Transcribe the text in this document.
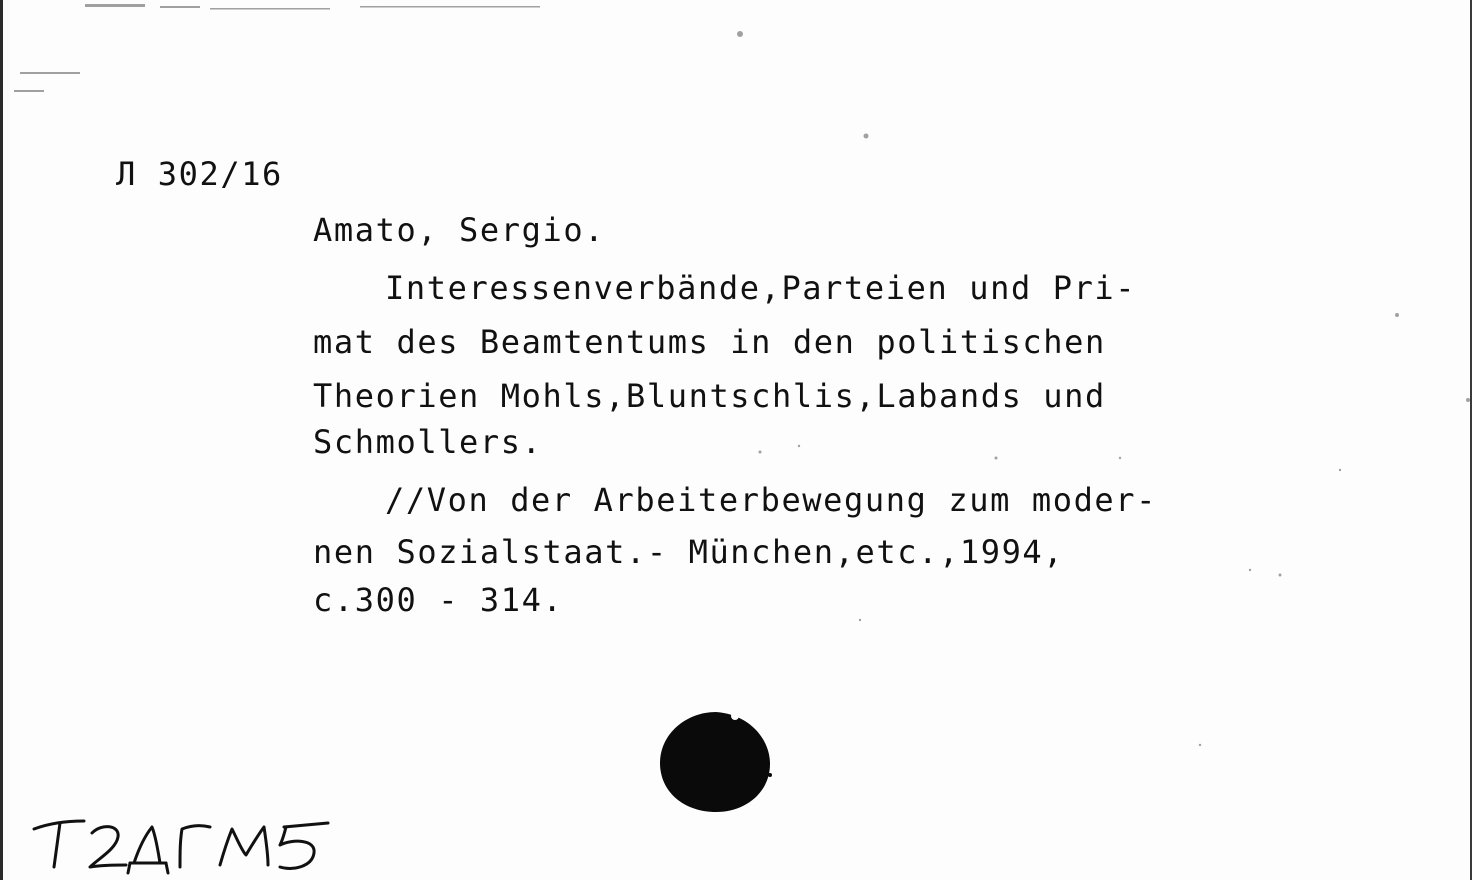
Л 302/16
Amato, Sergio.
Interessenverbände,Parteien und Pri-
mat des Beamtentums in den politischen
Theorien Mohls,Bluntschlis,Labands und
Schmollers.
//Von der Arbeiterbewegung zum moder-
nen Sozialstaat.- München,etc.,1994,
c.300 - 314.
